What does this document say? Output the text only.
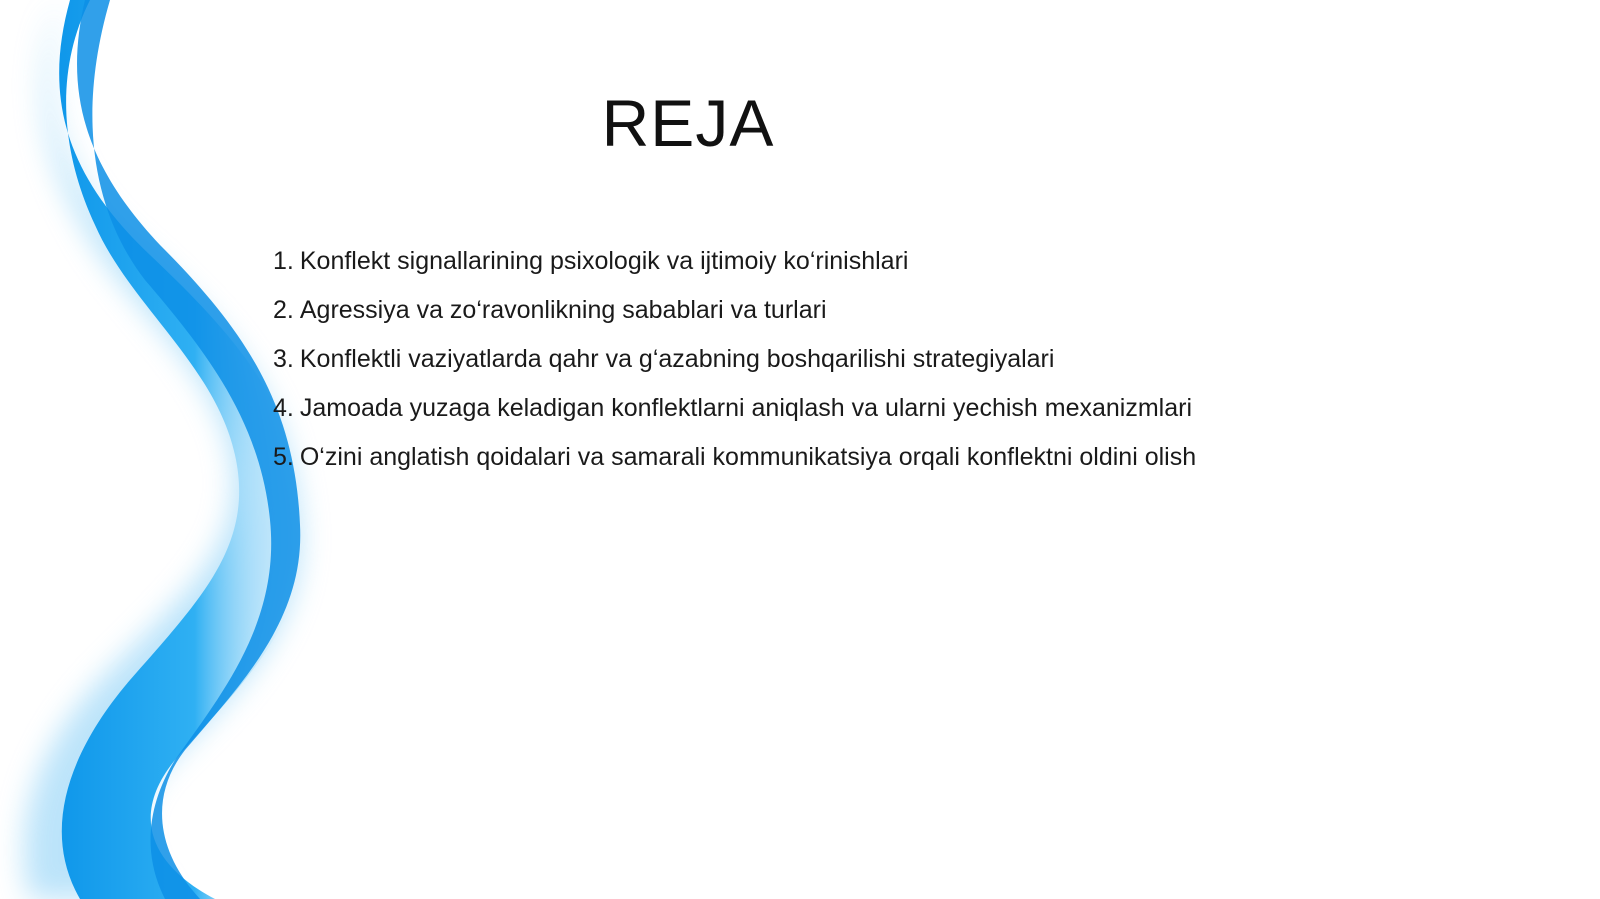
REJA
1. Konflekt signallarining psixologik va ijtimoiy ko‘rinishlari
2. Agressiya va zo‘ravonlikning sabablari va turlari
3. Konflektli vaziyatlarda qahr va g‘azabning boshqarilishi strategiyalari
4. Jamoada yuzaga keladigan konflektlarni aniqlash va ularni yechish mexanizmlari
5. O‘zini anglatish qoidalari va samarali kommunikatsiya orqali konflektni oldini olish
